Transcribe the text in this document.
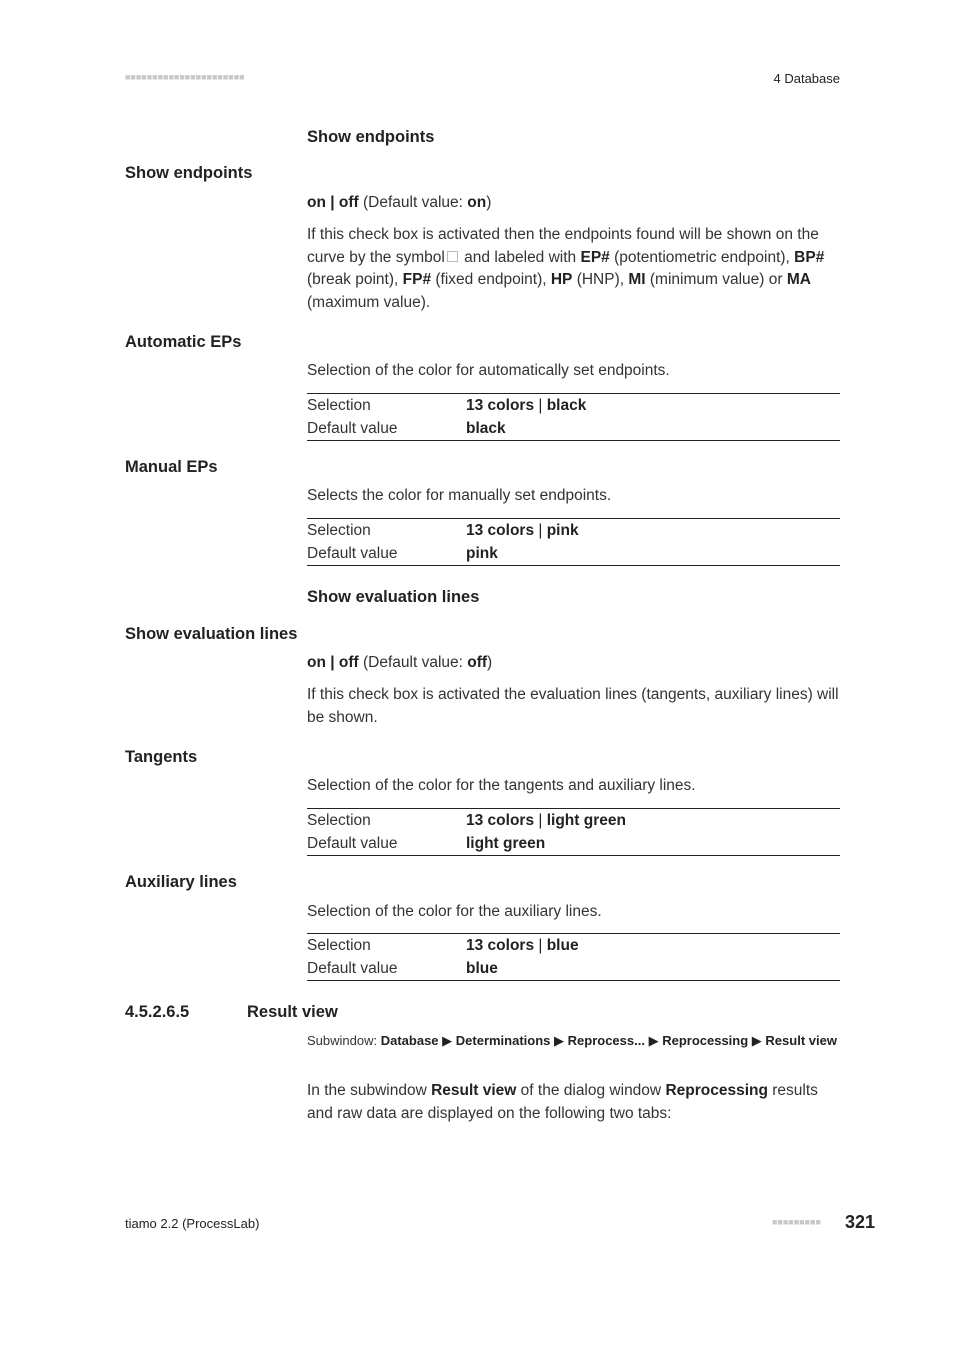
■■■■■■■■■■■■■■■■■■■■■■	4 Database
Show endpoints
Show endpoints
on | off (Default value: on)
If this check box is activated then the endpoints found will be shown on the curve by the symbol and labeled with EP# (potentiometric endpoint), BP# (break point), FP# (fixed endpoint), HP (HNP), MI (minimum value) or MA (maximum value).
Automatic EPs
Selection of the color for automatically set endpoints.
Selection	13 colors | black
Default value	black
Manual EPs
Selects the color for manually set endpoints.
Selection	13 colors | pink
Default value	pink
Show evaluation lines
Show evaluation lines
on | off (Default value: off)
If this check box is activated the evaluation lines (tangents, auxiliary lines) will be shown.
Tangents
Selection of the color for the tangents and auxiliary lines.
Selection	13 colors | light green
Default value	light green
Auxiliary lines
Selection of the color for the auxiliary lines.
Selection	13 colors | blue
Default value	blue
4.5.2.6.5	Result view
Subwindow: Database ▶ Determinations ▶ Reprocess... ▶ Reprocessing ▶ Result view
In the subwindow Result view of the dialog window Reprocessing results and raw data are displayed on the following two tabs:
tiamo 2.2 (ProcessLab)	■■■■■■■■■ 321
